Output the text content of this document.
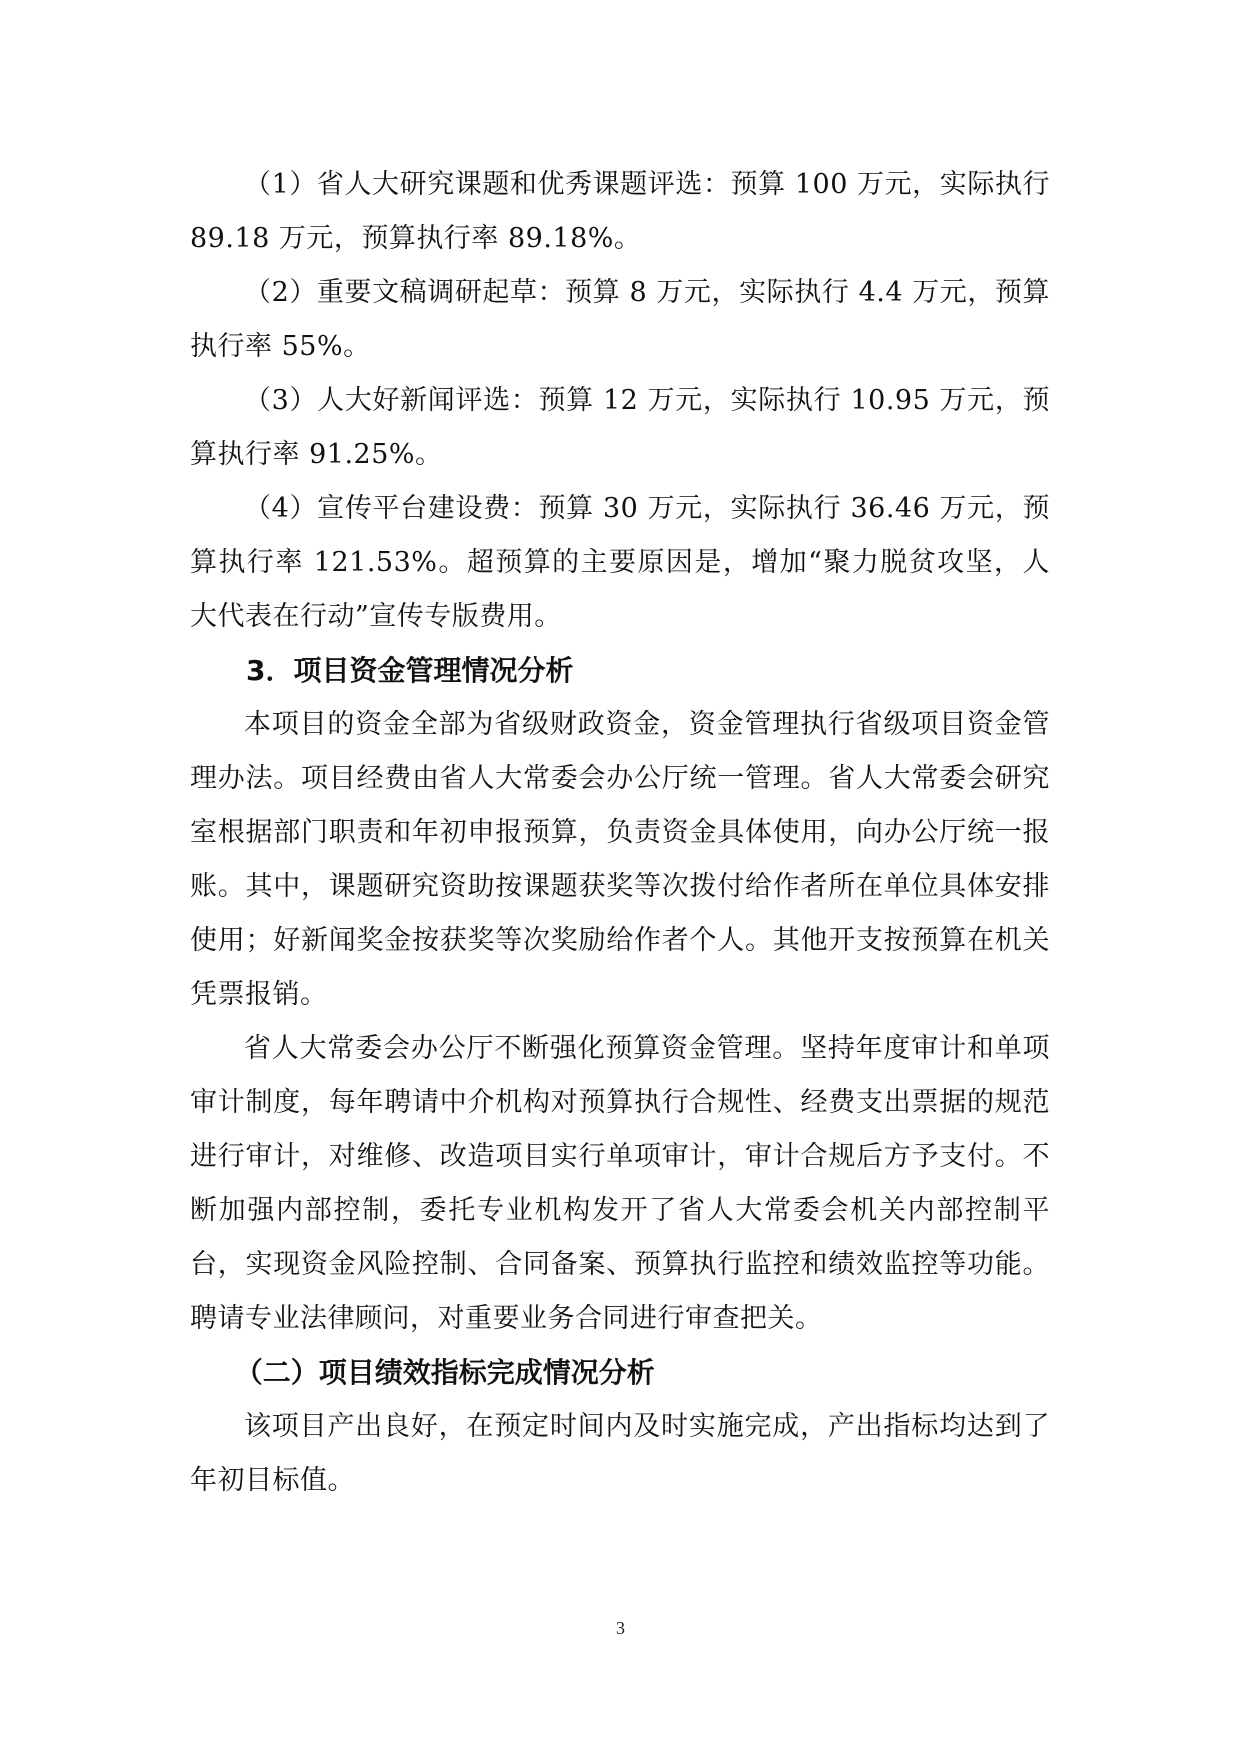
（1）省人大研究课题和优秀课题评选：预算 100 万元，实际执行 89.18 万元，预算执行率 89.18%。

（2）重要文稿调研起草：预算 8 万元，实际执行 4.4 万元，预算执行率 55%。

（3）人大好新闻评选：预算 12 万元，实际执行 10.95 万元，预算执行率 91.25%。

（4）宣传平台建设费：预算 30 万元，实际执行 36.46 万元，预算执行率 121.53%。超预算的主要原因是，增加“聚力脱贫攻坚，人大代表在行动”宣传专版费用。

3．项目资金管理情况分析

本项目的资金全部为省级财政资金，资金管理执行省级项目资金管理办法。项目经费由省人大常委会办公厅统一管理。省人大常委会研究室根据部门职责和年初申报预算，负责资金具体使用，向办公厅统一报账。其中，课题研究资助按课题获奖等次拨付给作者所在单位具体安排使用；好新闻奖金按获奖等次奖励给作者个人。其他开支按预算在机关凭票报销。

省人大常委会办公厅不断强化预算资金管理。坚持年度审计和单项审计制度，每年聘请中介机构对预算执行合规性、经费支出票据的规范进行审计，对维修、改造项目实行单项审计，审计合规后方予支付。不断加强内部控制，委托专业机构发开了省人大常委会机关内部控制平台，实现资金风险控制、合同备案、预算执行监控和绩效监控等功能。聘请专业法律顾问，对重要业务合同进行审查把关。

（二）项目绩效指标完成情况分析

该项目产出良好，在预定时间内及时实施完成，产出指标均达到了年初目标值。

3
